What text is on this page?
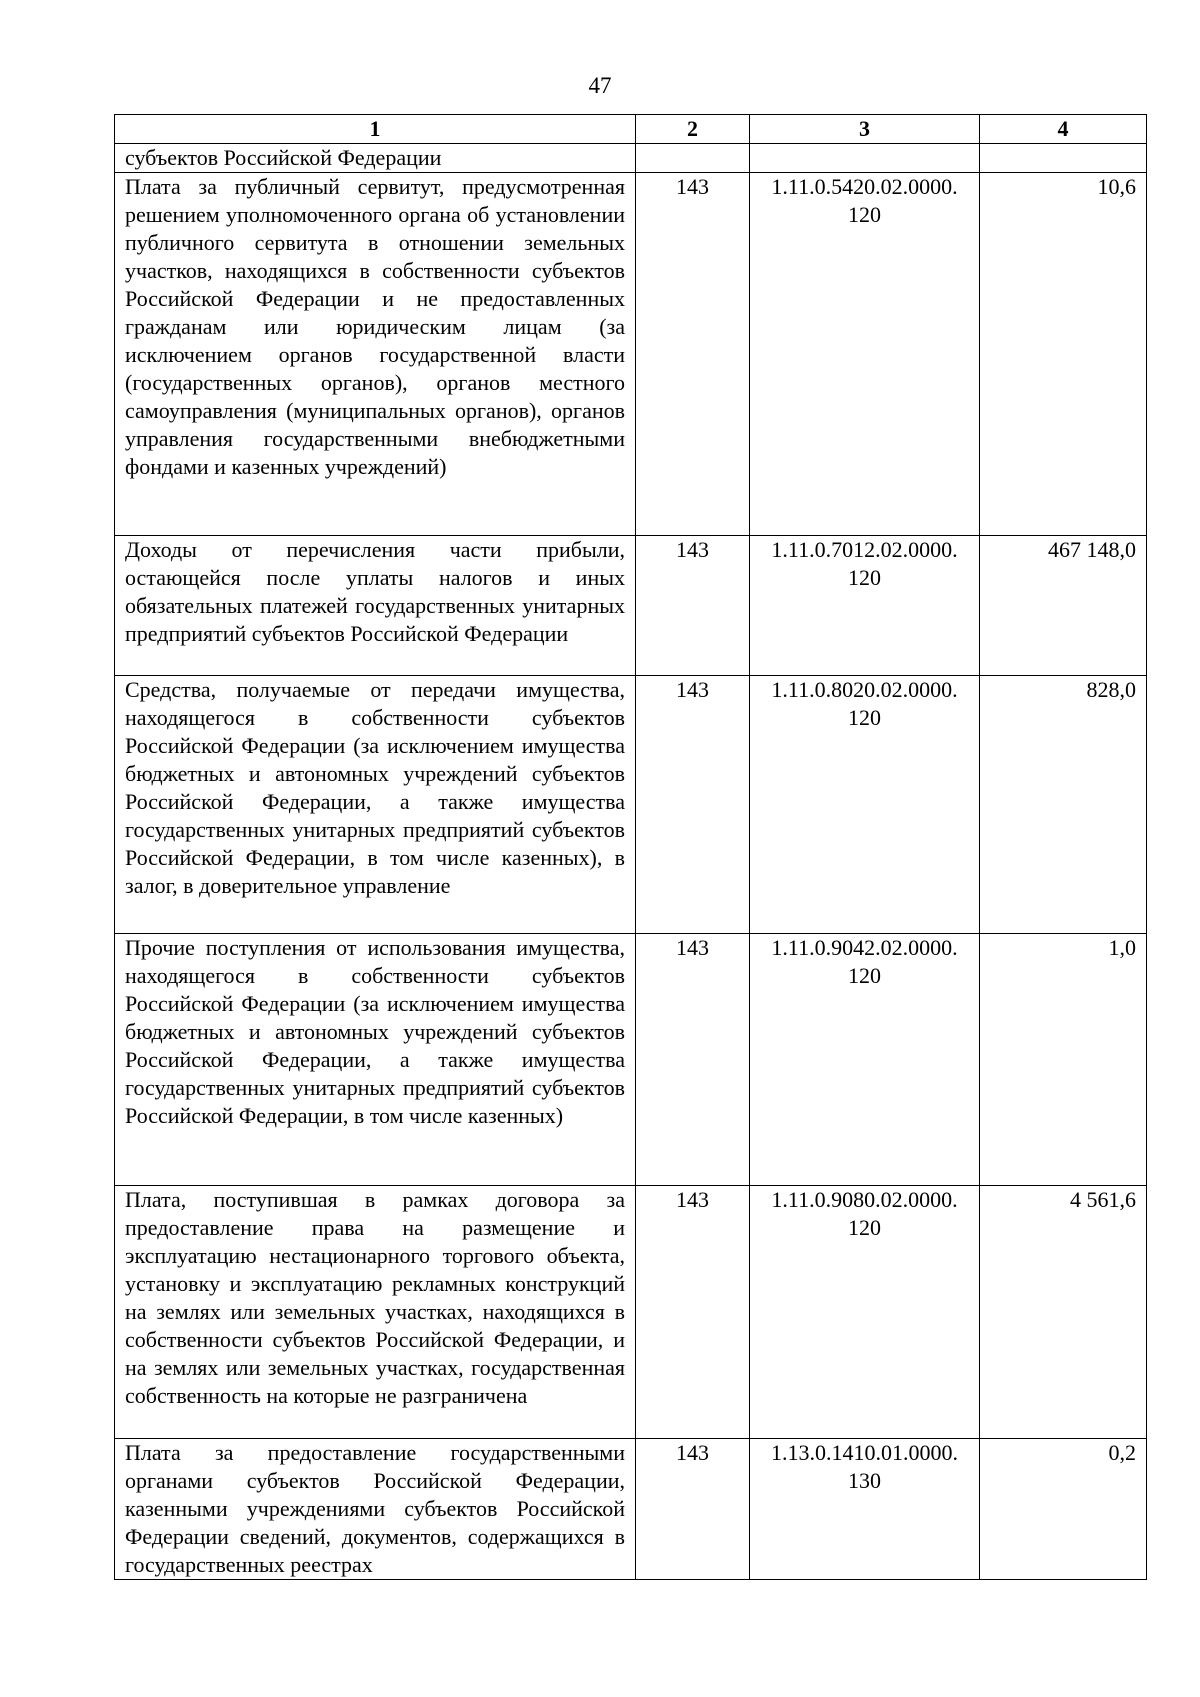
47
1	2	3	4
субъектов Российской Федерации			
Плата за публичный сервитут, предусмотренная решением уполномоченного органа об установлении публичного сервитута в отношении земельных участков, находящихся в собственности субъектов Российской Федерации и не предоставленных гражданам или юридическим лицам (за исключением органов государственной власти (государственных органов), органов местного самоуправления (муниципальных органов), органов управления государственными внебюджетными фондами и казенных учреждений)	143	1.11.0.5420.02.0000. 120	10,6
Доходы от перечисления части прибыли, остающейся после уплаты налогов и иных обязательных платежей государственных унитарных предприятий субъектов Российской Федерации	143	1.11.0.7012.02.0000. 120	467 148,0
Средства, получаемые от передачи имущества, находящегося в собственности субъектов Российской Федерации (за исключением имущества бюджетных и автономных учреждений субъектов Российской Федерации, а также имущества государственных унитарных предприятий субъектов Российской Федерации, в том числе казенных), в залог, в доверительное управление	143	1.11.0.8020.02.0000. 120	828,0
Прочие поступления от использования имущества, находящегося в собственности субъектов Российской Федерации (за исключением имущества бюджетных и автономных учреждений субъектов Российской Федерации, а также имущества государственных унитарных предприятий субъектов Российской Федерации, в том числе казенных)	143	1.11.0.9042.02.0000. 120	1,0
Плата, поступившая в рамках договора за предоставление права на размещение и эксплуатацию нестационарного торгового объекта, установку и эксплуатацию рекламных конструкций на землях или земельных участках, находящихся в собственности субъектов Российской Федерации, и на землях или земельных участках, государственная собственность на которые не разграничена	143	1.11.0.9080.02.0000. 120	4 561,6
Плата за предоставление государственными органами субъектов Российской Федерации, казенными учреждениями субъектов Российской Федерации сведений, документов, содержащихся в государственных реестрах	143	1.13.0.1410.01.0000. 130	0,2
